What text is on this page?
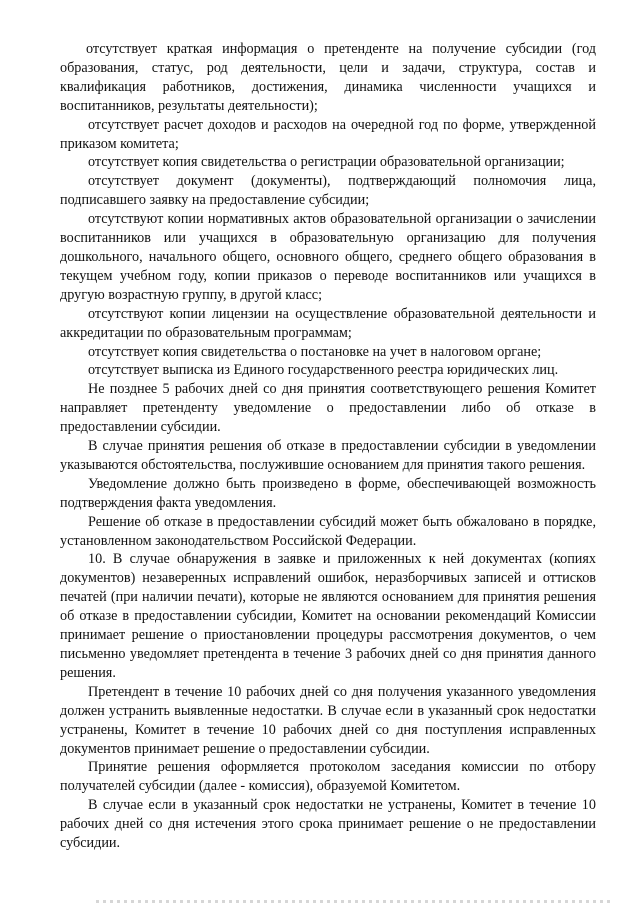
отсутствует краткая информация о претенденте на получение субсидии (год образования, статус, род деятельности, цели и задачи, структура, состав и квалификация работников, достижения, динамика численности учащихся и воспитанников, результаты деятельности);

отсутствует расчет доходов и расходов на очередной год по форме, утвержденной приказом комитета;

отсутствует копия свидетельства о регистрации образовательной организации;

отсутствует документ (документы), подтверждающий полномочия лица, подписавшего заявку на предоставление субсидии;

отсутствуют копии нормативных актов образовательной организации о зачислении воспитанников или учащихся в образовательную организацию для получения дошкольного, начального общего, основного общего, среднего общего образования в текущем учебном году, копии приказов о переводе воспитанников или учащихся в другую возрастную группу, в другой класс;

отсутствуют копии лицензии на осуществление образовательной деятельности и аккредитации по образовательным программам;

отсутствует копия свидетельства о постановке на учет в налоговом органе;

отсутствует выписка из Единого государственного реестра юридических лиц.

Не позднее 5 рабочих дней со дня принятия соответствующего решения Комитет направляет претенденту уведомление о предоставлении либо об отказе в предоставлении субсидии.

В случае принятия решения об отказе в предоставлении субсидии в уведомлении указываются обстоятельства, послужившие основанием для принятия такого решения.

Уведомление должно быть произведено в форме, обеспечивающей возможность подтверждения факта уведомления.

Решение об отказе в предоставлении субсидий может быть обжаловано в порядке, установленном законодательством Российской Федерации.

10. В случае обнаружения в заявке и приложенных к ней документах (копиях документов) незаверенных исправлений ошибок, неразборчивых записей и оттисков печатей (при наличии печати), которые не являются основанием для принятия решения об отказе в предоставлении субсидии, Комитет на основании рекомендаций Комиссии принимает решение о приостановлении процедуры рассмотрения документов, о чем письменно уведомляет претендента в течение 3 рабочих дней со дня принятия данного решения.

Претендент в течение 10 рабочих дней со дня получения указанного уведомления должен устранить выявленные недостатки. В случае если в указанный срок недостатки устранены, Комитет в течение 10 рабочих дней со дня поступления исправленных документов принимает решение о предоставлении субсидии.

Принятие решения оформляется протоколом заседания комиссии по отбору получателей субсидии (далее - комиссия), образуемой Комитетом.

В случае если в указанный срок недостатки не устранены, Комитет в течение 10 рабочих дней со дня истечения этого срока принимает решение о не предоставлении субсидии.
